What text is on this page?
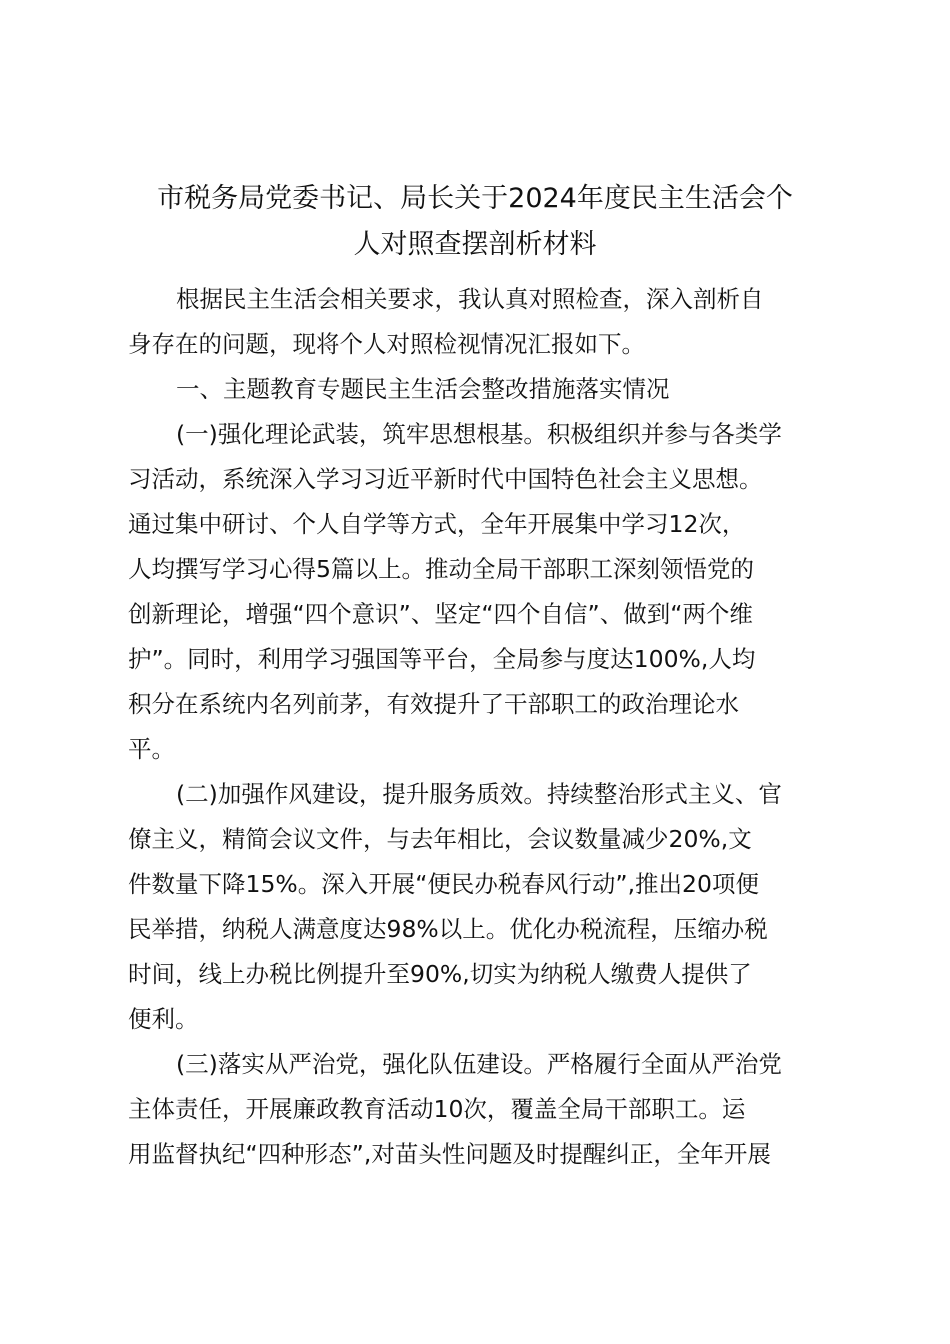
市税务局党委书记、局长关于2024年度民主生活会个
人对照查摆剖析材料
根据民主生活会相关要求，我认真对照检查，深入剖析自
身存在的问题，现将个人对照检视情况汇报如下。
一、主题教育专题民主生活会整改措施落实情况
(一)强化理论武装，筑牢思想根基。积极组织并参与各类学
习活动，系统深入学习习近平新时代中国特色社会主义思想。
通过集中研讨、个人自学等方式，全年开展集中学习12次，
人均撰写学习心得5篇以上。推动全局干部职工深刻领悟党的
创新理论，增强“四个意识”、坚定“四个自信”、做到“两个维
护”。同时，利用学习强国等平台，全局参与度达100%,人均
积分在系统内名列前茅，有效提升了干部职工的政治理论水
平。
(二)加强作风建设，提升服务质效。持续整治形式主义、官
僚主义，精简会议文件，与去年相比，会议数量减少20%,文
件数量下降15%。深入开展“便民办税春风行动”,推出20项便
民举措，纳税人满意度达98%以上。优化办税流程，压缩办税
时间，线上办税比例提升至90%,切实为纳税人缴费人提供了
便利。
(三)落实从严治党，强化队伍建设。严格履行全面从严治党
主体责任，开展廉政教育活动10次，覆盖全局干部职工。运
用监督执纪“四种形态”,对苗头性问题及时提醒纠正，全年开展
